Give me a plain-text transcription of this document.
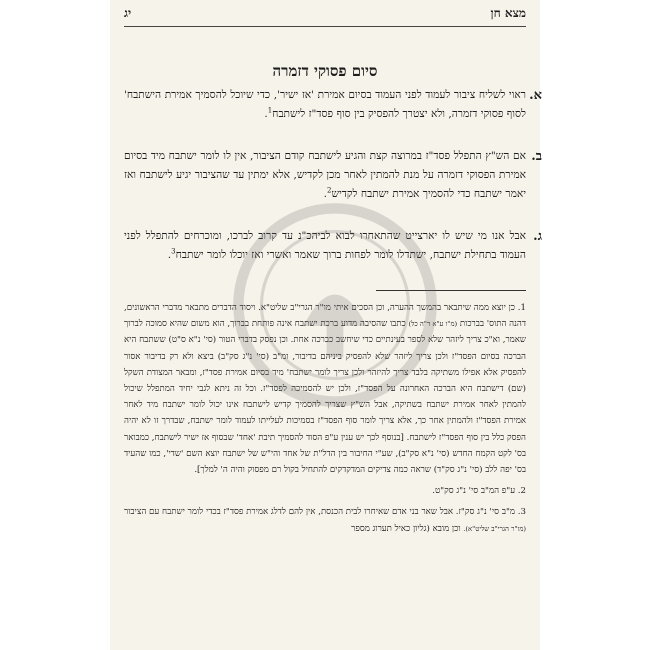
מצא חן
יג
סיום פסוקי דזמרה
א.
ראוי לשליח ציבור לעמוד לפני העמוד בסיום אמירת 'אז ישיר', כדי שיוכל להסמיך אמירת הישתבח' לסוף פסוקי דזמרה, ולא יצטרך להפסיק בין סוף פסד"ז לישתבח$^1$.
ב.
אם הש"ץ התפלל פסד"ז במרוצה קצת והגיע לישתבח קודם הציבור, אין לו לומר ישתבח מיד בסיום אמירת הפסוקי דזמרה על מנת להמתין לאחר מכן לקדיש, אלא ימתין עד שהציבור יגיע לישתבח ואז יאמר ישתבח כדי להסמיך אמירת ישתבח לקדיש$^2$.
ג.
אבל אנו מי שיש לו יארצייט שהתאחרו לבוא לביהכ"נ עד קרוב לברכו, ומוכרחים להתפלל לפני העמוד בתחילת ישתבח, ישתדלו לומר לפחות ברוך שאמר ואשרי ואז יוכלו לומר ישתבח$^3$.

1. כן יוצא ממה שיתבאר בהמשך ההערה, וכן הסכים איתי מו"ר הגרי"ב שליט"א. ויסוד הדברים מתבאר מדברי הראשונים, דהנה התוס' בברכות (מ"ו ע"א ד"ה כל) כתבו שהסיבה מדוע ברכת ישתבח אינה פותחת בברוך, הוא משום שהיא סמוכה לברוך שאמר, וא"כ צריך ליזהר שלא לספר בעינתיים כדי שיחשב כברכה אחת. וכן נפסק בדברי הטור (סי' נ"א ס"ט) ששתבח היא הברכה בסיום הפסד"ז ולכן צריך ליזהר שלא להפסיק ביניהם בדיבור, ומ"ב (סי' נ"ג סק"ב) ביצא ולא רק בדיבור אסור להפסיק אלא אפילו משתיקה בלבד צריך להיזהר ולכן צריך לומר ישתבח' מיד בסיום אמירת פסד"ז, ומבאר המצודת השקל (שם) דישתבח היא הברכה האחרונה על הפסד"ז, ולכן יש להסמיכה לפסד"ז. וכל זה ניתא לגבי יחיד המתפלל שיכול להמתין לאחר אמירת ישתבח בשתיקה, אבל הש"ץ שצריך להסמיך קדיש לישתבח אינו יכול לומר ישתבח מיד לאחר אמירת הפסד"ז ולהמתין אחר כך, אלא צריך לומר סוף הפסד"ז בסמיכות לעלייתו לעמוד לומר ישתבח, שבדרך זו לא יהיה הפסק כלל בין סוף הפסד"ז לישתבח. [בנוסף לכך יש ענין ע"פ הסוד להסמיך תיבת 'אחד' שבסוף אז ישיר לישתבח, כמבואר בס' לקט הקמח החדש (סי' נ"א סק"ב), שע"י החיבור בין הדל"ת של אחד והי"ש של ישתבח יוצא השם 'שדי', כמו שהעיד בס' יפה ללב (סי' נ"ג סק"ד) שראה כמה צדיקים המדקדקים להתחיל בקול רם מפסוק והיה ה' למלך].

2. ע"פ המ"ב סי' נ"ג סק"ט.

3. מ"ב סי' נ"ג סק"ז. אבל שאר בני אדם שאיחרו לבית הכנסת, אין להם לדלג אמירת פסד"ז בכדי לומר ישתבח עם הציבור (מו"ר הגרי"ב שליט"א). וכן מובא (גליון כאיל תערוג מספר
